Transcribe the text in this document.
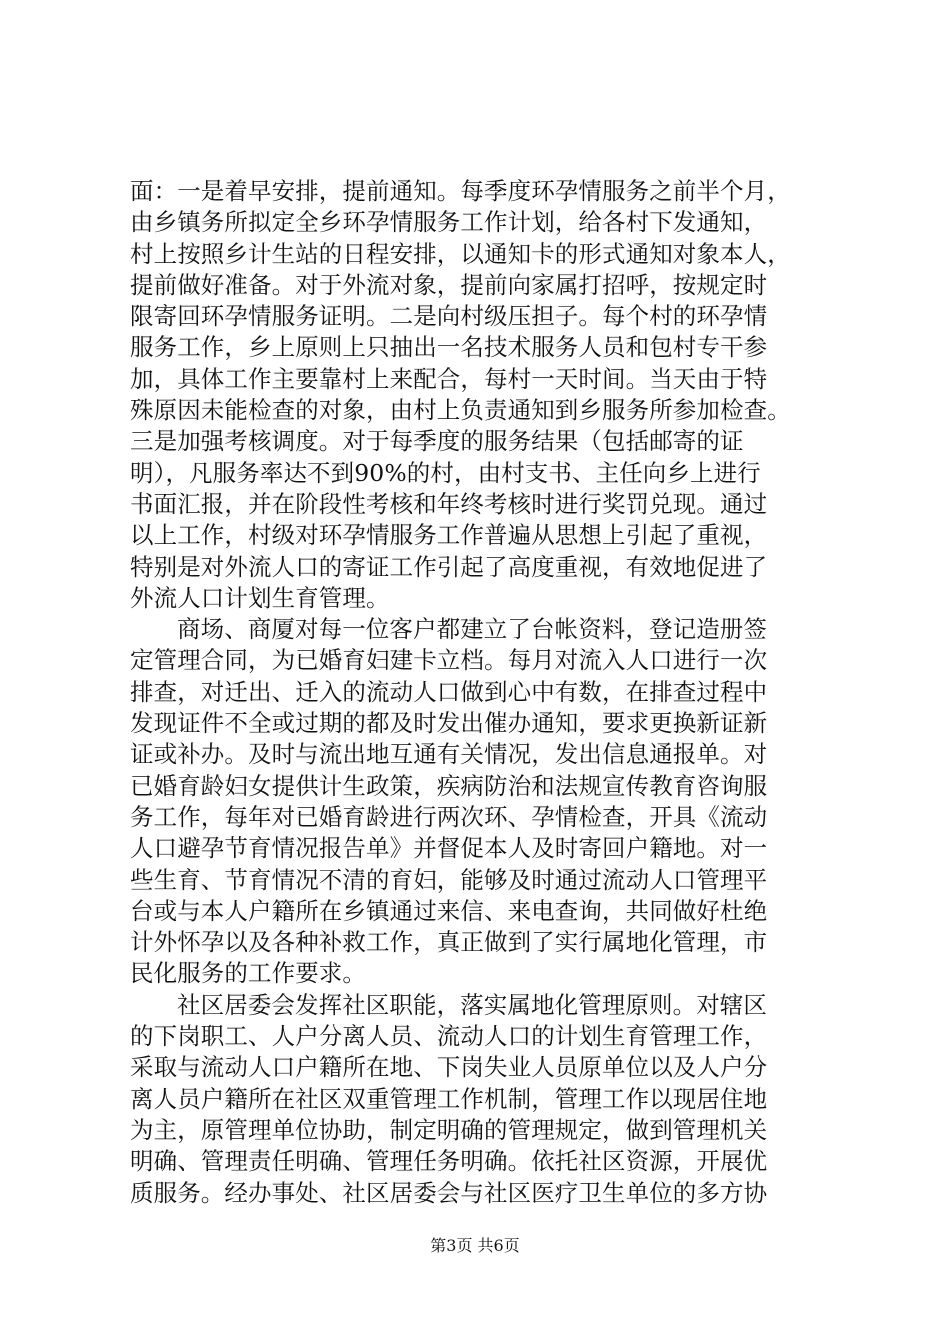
面：一是着早安排，提前通知。每季度环孕情服务之前半个月，
由乡镇务所拟定全乡环孕情服务工作计划，给各村下发通知，
村上按照乡计生站的日程安排，以通知卡的形式通知对象本人，
提前做好准备。对于外流对象，提前向家属打招呼，按规定时
限寄回环孕情服务证明。二是向村级压担子。每个村的环孕情
服务工作，乡上原则上只抽出一名技术服务人员和包村专干参
加，具体工作主要靠村上来配合，每村一天时间。当天由于特
殊原因未能检查的对象，由村上负责通知到乡服务所参加检查。
三是加强考核调度。对于每季度的服务结果（包括邮寄的证
明），凡服务率达不到90%的村，由村支书、主任向乡上进行
书面汇报，并在阶段性考核和年终考核时进行奖罚兑现。通过
以上工作，村级对环孕情服务工作普遍从思想上引起了重视，
特别是对外流人口的寄证工作引起了高度重视，有效地促进了
外流人口计划生育管理。
商场、商厦对每一位客户都建立了台帐资料，登记造册签
定管理合同，为已婚育妇建卡立档。每月对流入人口进行一次
排查，对迁出、迁入的流动人口做到心中有数，在排查过程中
发现证件不全或过期的都及时发出催办通知，要求更换新证新
证或补办。及时与流出地互通有关情况，发出信息通报单。对
已婚育龄妇女提供计生政策，疾病防治和法规宣传教育咨询服
务工作，每年对已婚育龄进行两次环、孕情检查，开具《流动
人口避孕节育情况报告单》并督促本人及时寄回户籍地。对一
些生育、节育情况不清的育妇，能够及时通过流动人口管理平
台或与本人户籍所在乡镇通过来信、来电查询，共同做好杜绝
计外怀孕以及各种补救工作，真正做到了实行属地化管理，市
民化服务的工作要求。
社区居委会发挥社区职能，落实属地化管理原则。对辖区
的下岗职工、人户分离人员、流动人口的计划生育管理工作，
采取与流动人口户籍所在地、下岗失业人员原单位以及人户分
离人员户籍所在社区双重管理工作机制，管理工作以现居住地
为主，原管理单位协助，制定明确的管理规定，做到管理机关
明确、管理责任明确、管理任务明确。依托社区资源，开展优
质服务。经办事处、社区居委会与社区医疗卫生单位的多方协
第3页 共6页
